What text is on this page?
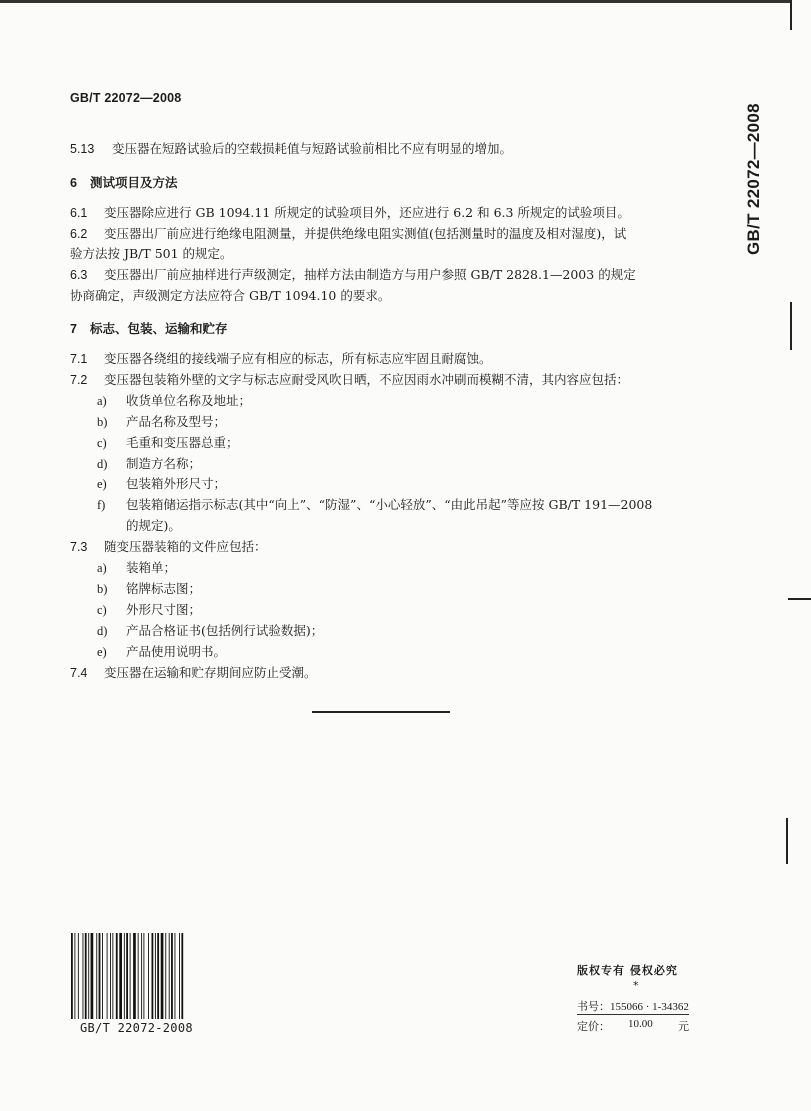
GB/T 22072—2008
GB/T 22072—2008
5.13 变压器在短路试验后的空载损耗值与短路试验前相比不应有明显的增加。
6 测试项目及方法
6.1 变压器除应进行 GB 1094.11 所规定的试验项目外，还应进行 6.2 和 6.3 所规定的试验项目。
6.2 变压器出厂前应进行绝缘电阻测量，并提供绝缘电阻实测值(包括测量时的温度及相对湿度)，试
验方法按 JB/T 501 的规定。
6.3 变压器出厂前应抽样进行声级测定，抽样方法由制造方与用户参照 GB/T 2828.1—2003 的规定
协商确定，声级测定方法应符合 GB/T 1094.10 的要求。
7 标志、包装、运输和贮存
7.1 变压器各绕组的接线端子应有相应的标志，所有标志应牢固且耐腐蚀。
7.2 变压器包装箱外壁的文字与标志应耐受风吹日晒，不应因雨水冲刷而模糊不清，其内容应包括：
a) 收货单位名称及地址；
b) 产品名称及型号；
c) 毛重和变压器总重；
d) 制造方名称；
e) 包装箱外形尺寸；
f) 包装箱储运指示标志(其中“向上”、“防湿”、“小心轻放”、“由此吊起”等应按 GB/T 191—2008
的规定)。
7.3 随变压器装箱的文件应包括：
a) 装箱单；
b) 铭牌标志图；
c) 外形尺寸图；
d) 产品合格证书(包括例行试验数据)；
e) 产品使用说明书。
7.4 变压器在运输和贮存期间应防止受潮。
GB/T 22072-2008
版权专有 侵权必究
*
书号：155066 · 1-34362
定价： 10.00 元
